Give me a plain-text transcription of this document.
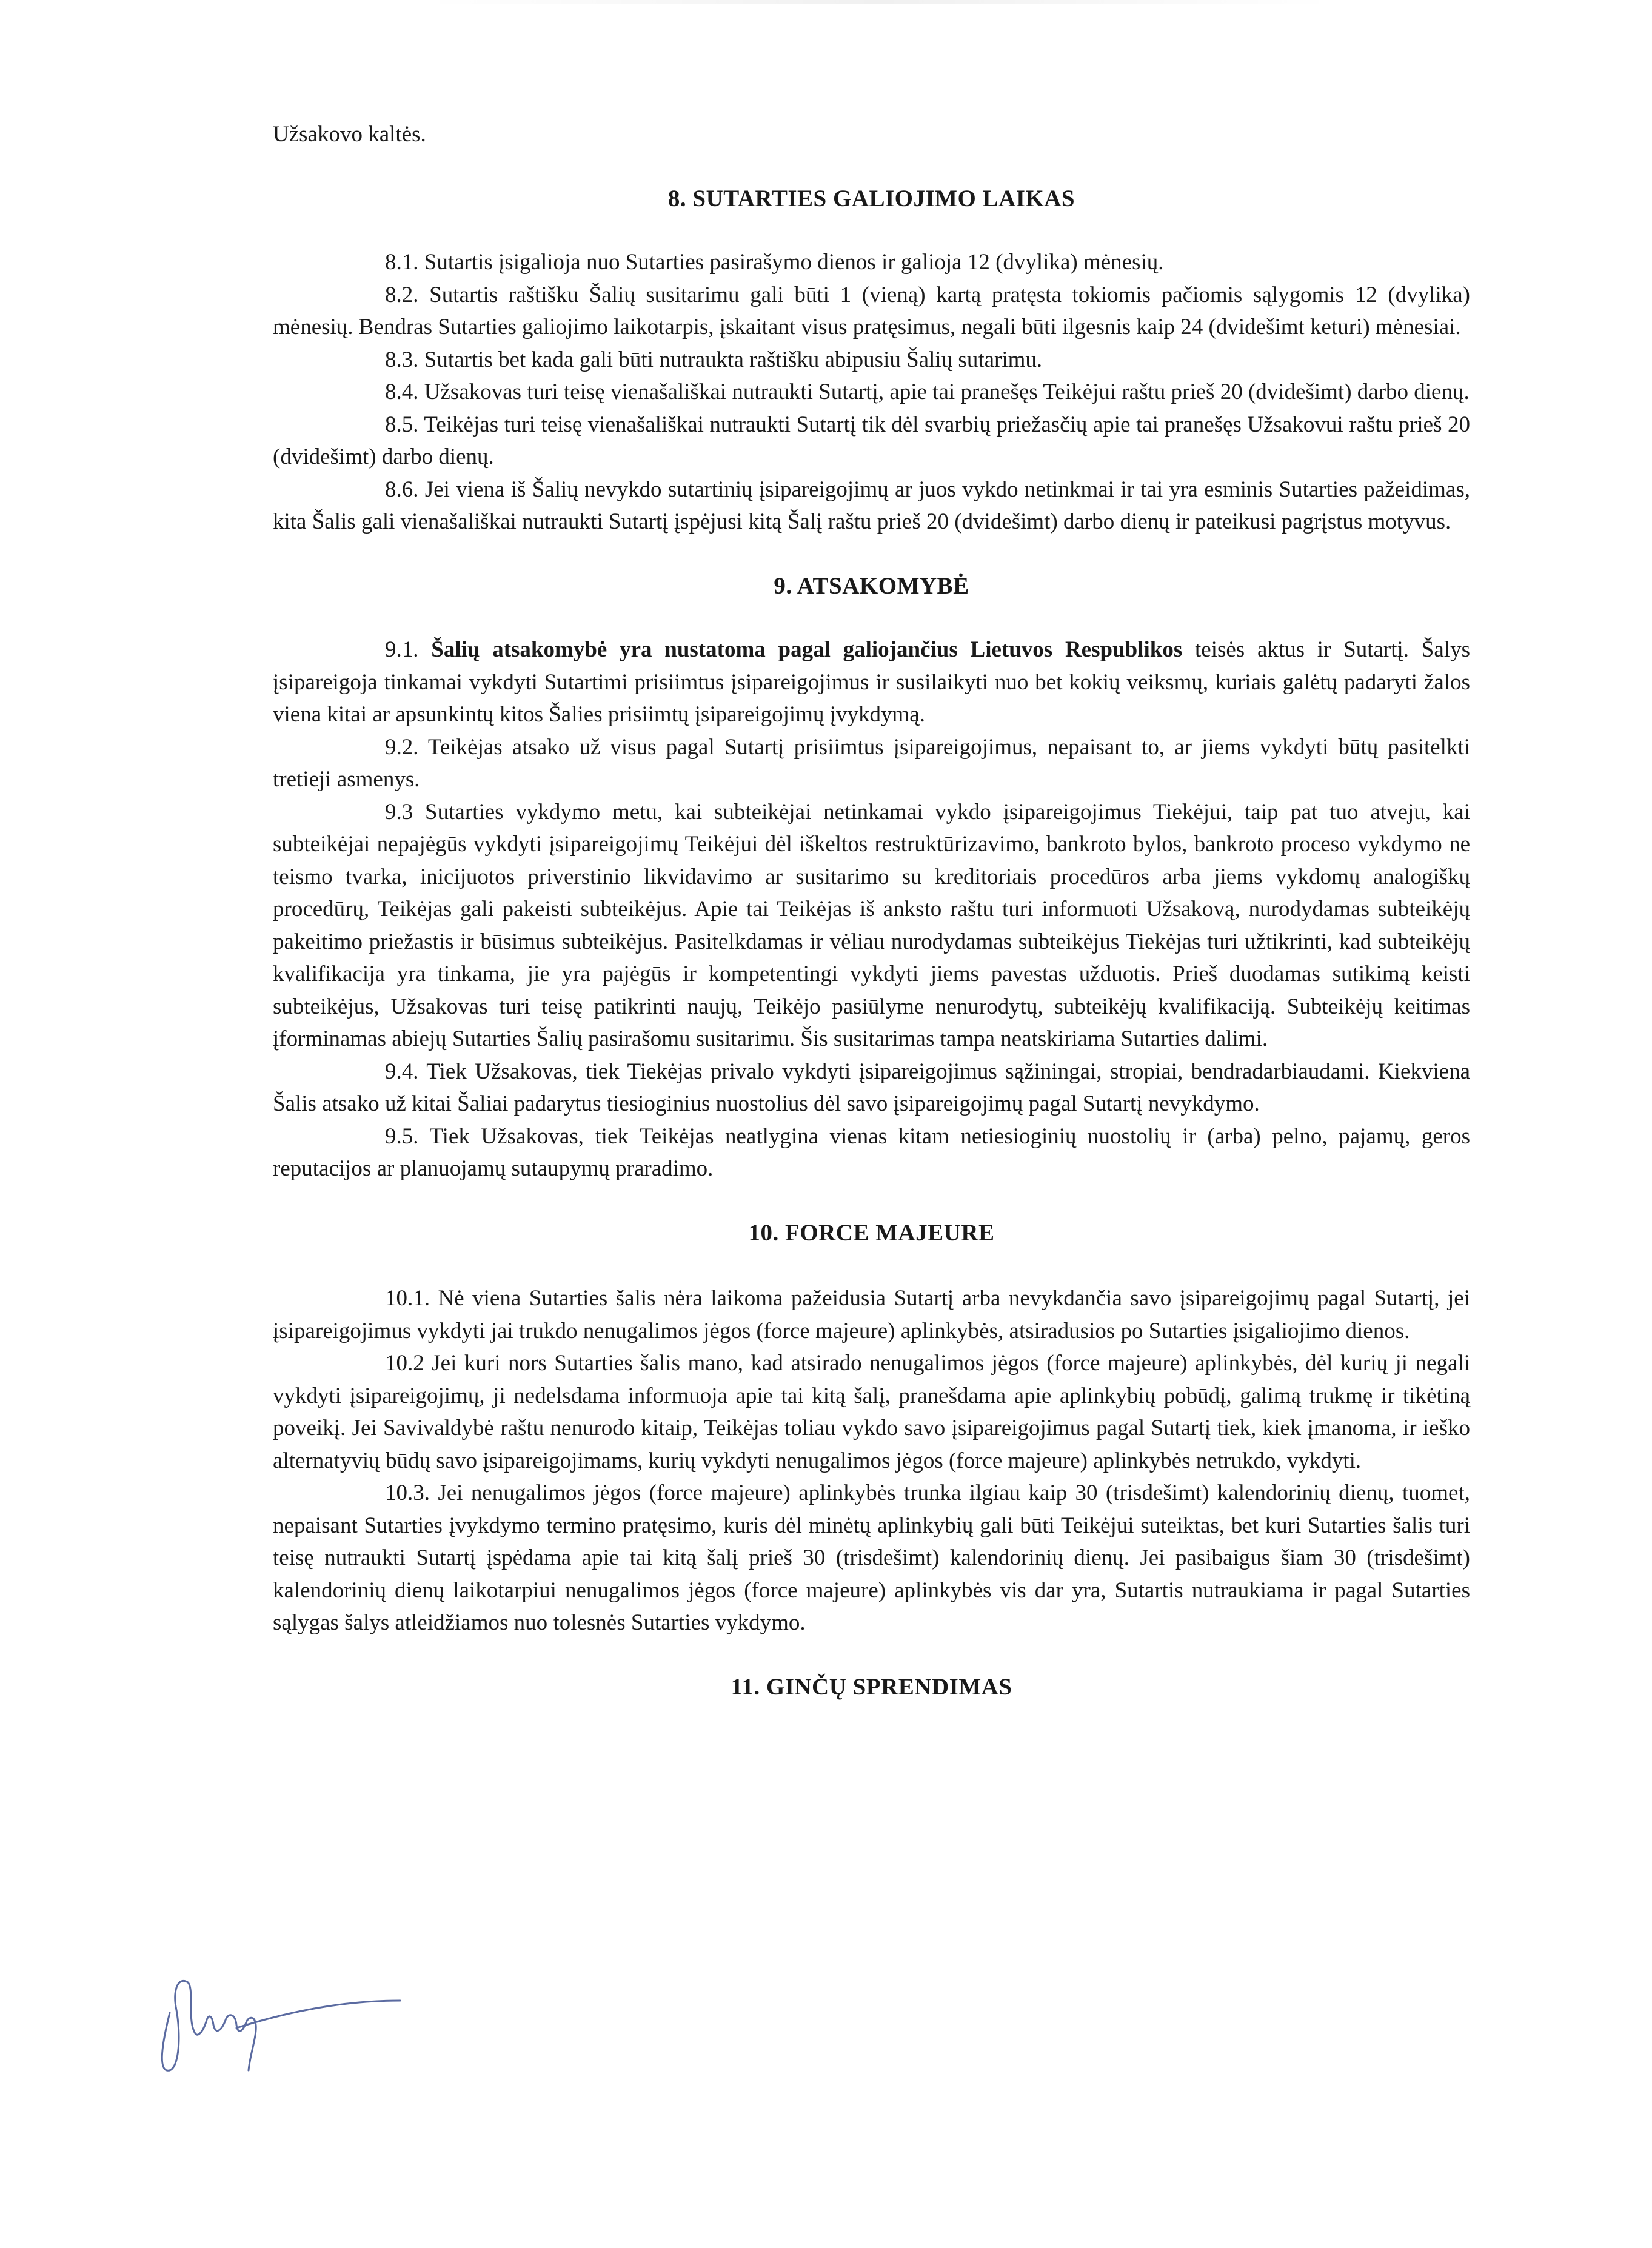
Užsakovo kaltės.

8. SUTARTIES GALIOJIMO LAIKAS

8.1. Sutartis įsigalioja nuo Sutarties pasirašymo dienos ir galioja 12 (dvylika) mėnesių.

8.2. Sutartis raštišku Šalių susitarimu gali būti 1 (vieną) kartą pratęsta tokiomis pačiomis sąlygomis 12 (dvylika) mėnesių. Bendras Sutarties galiojimo laikotarpis, įskaitant visus pratęsimus, negali būti ilgesnis kaip 24 (dvidešimt keturi) mėnesiai.

8.3. Sutartis bet kada gali būti nutraukta raštišku abipusiu Šalių sutarimu.

8.4. Užsakovas turi teisę vienašališkai nutraukti Sutartį, apie tai pranešęs Teikėjui raštu prieš 20 (dvidešimt) darbo dienų.

8.5. Teikėjas turi teisę vienašališkai nutraukti Sutartį tik dėl svarbių priežasčių apie tai pranešęs Užsakovui raštu prieš 20 (dvidešimt) darbo dienų.

8.6. Jei viena iš Šalių nevykdo sutartinių įsipareigojimų ar juos vykdo netinkmai ir tai yra esminis Sutarties pažeidimas, kita Šalis gali vienašališkai nutraukti Sutartį įspėjusi kitą Šalį raštu prieš 20 (dvidešimt) darbo dienų ir pateikusi pagrįstus motyvus.

9. ATSAKOMYBĖ

9.1. Šalių atsakomybė yra nustatoma pagal galiojančius Lietuvos Respublikos teisės aktus ir Sutartį. Šalys įsipareigoja tinkamai vykdyti Sutartimi prisiimtus įsipareigojimus ir susilaikyti nuo bet kokių veiksmų, kuriais galėtų padaryti žalos viena kitai ar apsunkintų kitos Šalies prisiimtų įsipareigojimų įvykdymą.

9.2. Teikėjas atsako už visus pagal Sutartį prisiimtus įsipareigojimus, nepaisant to, ar jiems vykdyti būtų pasitelkti tretieji asmenys.

9.3 Sutarties vykdymo metu, kai subteikėjai netinkamai vykdo įsipareigojimus Tiekėjui, taip pat tuo atveju, kai subteikėjai nepajėgūs vykdyti įsipareigojimų Teikėjui dėl iškeltos restruktūrizavimo, bankroto bylos, bankroto proceso vykdymo ne teismo tvarka, inicijuotos priverstinio likvidavimo ar susitarimo su kreditoriais procedūros arba jiems vykdomų analogiškų procedūrų, Teikėjas gali pakeisti subteikėjus. Apie tai Teikėjas iš anksto raštu turi informuoti Užsakovą, nurodydamas subteikėjų pakeitimo priežastis ir būsimus subteikėjus. Pasitelkdamas ir vėliau nurodydamas subteikėjus Tiekėjas turi užtikrinti, kad subteikėjų kvalifikacija yra tinkama, jie yra pajėgūs ir kompetentingi vykdyti jiems pavestas užduotis. Prieš duodamas sutikimą keisti subteikėjus, Užsakovas turi teisę patikrinti naujų, Teikėjo pasiūlyme nenurodytų, subteikėjų kvalifikaciją. Subteikėjų keitimas įforminamas abiejų Sutarties Šalių pasirašomu susitarimu. Šis susitarimas tampa neatskiriama Sutarties dalimi.

9.4. Tiek Užsakovas, tiek Tiekėjas privalo vykdyti įsipareigojimus sąžiningai, stropiai, bendradarbiaudami. Kiekviena Šalis atsako už kitai Šaliai padarytus tiesioginius nuostolius dėl savo įsipareigojimų pagal Sutartį nevykdymo.

9.5. Tiek Užsakovas, tiek Teikėjas neatlygina vienas kitam netiesioginių nuostolių ir (arba) pelno, pajamų, geros reputacijos ar planuojamų sutaupymų praradimo.

10. FORCE MAJEURE

10.1. Nė viena Sutarties šalis nėra laikoma pažeidusia Sutartį arba nevykdančia savo įsipareigojimų pagal Sutartį, jei įsipareigojimus vykdyti jai trukdo nenugalimos jėgos (force majeure) aplinkybės, atsiradusios po Sutarties įsigaliojimo dienos.

10.2 Jei kuri nors Sutarties šalis mano, kad atsirado nenugalimos jėgos (force majeure) aplinkybės, dėl kurių ji negali vykdyti įsipareigojimų, ji nedelsdama informuoja apie tai kitą šalį, pranešdama apie aplinkybių pobūdį, galimą trukmę ir tikėtiną poveikį. Jei Savivaldybė raštu nenurodo kitaip, Teikėjas toliau vykdo savo įsipareigojimus pagal Sutartį tiek, kiek įmanoma, ir ieško alternatyvių būdų savo įsipareigojimams, kurių vykdyti nenugalimos jėgos (force majeure) aplinkybės netrukdo, vykdyti.

10.3. Jei nenugalimos jėgos (force majeure) aplinkybės trunka ilgiau kaip 30 (trisdešimt) kalendorinių dienų, tuomet, nepaisant Sutarties įvykdymo termino pratęsimo, kuris dėl minėtų aplinkybių gali būti Teikėjui suteiktas, bet kuri Sutarties šalis turi teisę nutraukti Sutartį įspėdama apie tai kitą šalį prieš 30 (trisdešimt) kalendorinių dienų. Jei pasibaigus šiam 30 (trisdešimt) kalendorinių dienų laikotarpiui nenugalimos jėgos (force majeure) aplinkybės vis dar yra, Sutartis nutraukiama ir pagal Sutarties sąlygas šalys atleidžiamos nuo tolesnės Sutarties vykdymo.

11. GINČŲ SPRENDIMAS
